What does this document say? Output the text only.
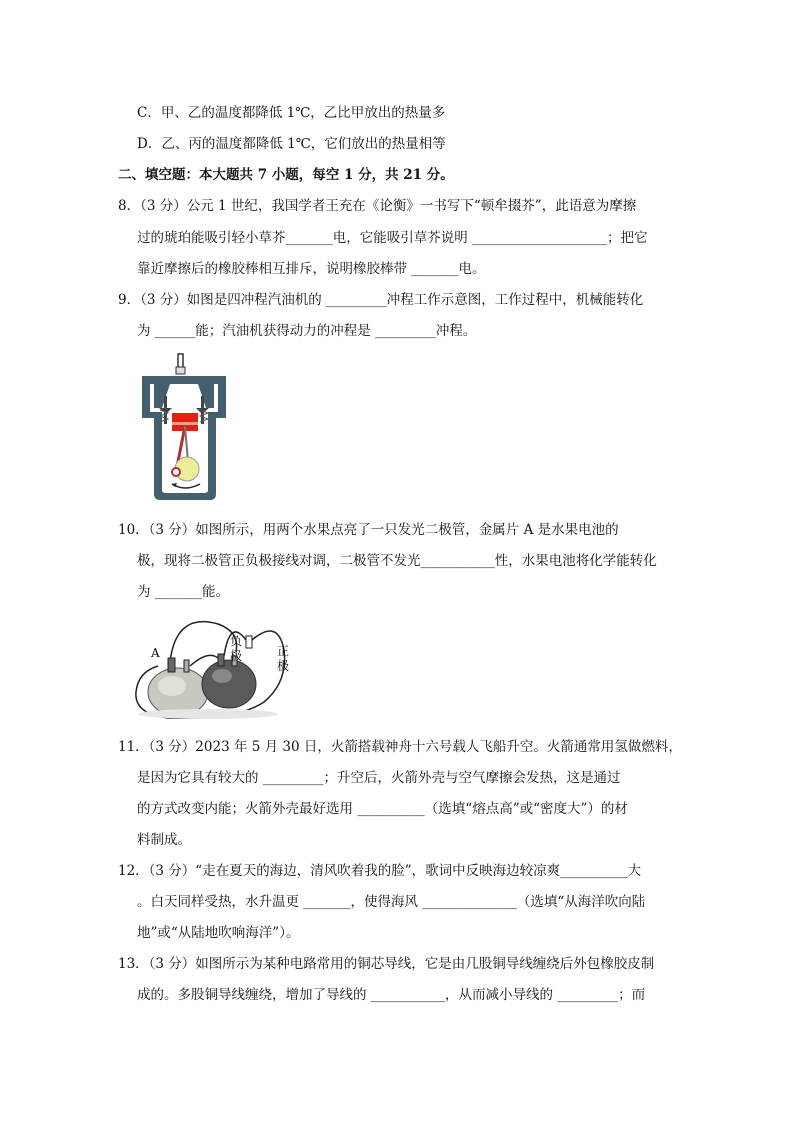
C．甲、乙的温度都降低 1℃，乙比甲放出的热量多
D．乙、丙的温度都降低 1℃，它们放出的热量相等
二、填空题：本大题共 7 小题，每空 1 分，共 21 分。
8．（3 分）公元 1 世纪，我国学者王充在《论衡》一书写下“顿牟掇芥”，此语意为摩擦
过的琥珀能吸引轻小草芥_______电，它能吸引草芥说明 ____________________；把它
靠近摩擦后的橡胶棒相互排斥，说明橡胶棒带 _______电。
9．（3 分）如图是四冲程汽油机的 _________冲程工作示意图，工作过程中，机械能转化
为 ______能；汽油机获得动力的冲程是 _________冲程。
10．（3 分）如图所示，用两个水果点亮了一只发光二极管，金属片 A 是水果电池的
极，现将二极管正负极接线对调，二极管不发光___________性，水果电池将化学能转化
为 _______能。
A
负
极	正
极
11．（3 分）2023 年 5 月 30 日，火箭搭载神舟十六号载人飞船升空。火箭通常用氢做燃料，
是因为它具有较大的 _________；升空后，火箭外壳与空气摩擦会发热，这是通过
的方式改变内能；火箭外壳最好选用 __________（选填“熔点高”或“密度大”）的材
料制成。
12．（3 分）“走在夏天的海边，清风吹着我的脸”，歌词中反映海边较凉爽__________大
。白天同样受热，水升温更 _______，使得海风 ______________（选填“从海洋吹向陆
地”或“从陆地吹响海洋”）。
13．（3 分）如图所示为某种电路常用的铜芯导线，它是由几股铜导线缠绕后外包橡胶皮制
成的。多股铜导线缠绕，增加了导线的 ___________，从而减小导线的 _________；而
